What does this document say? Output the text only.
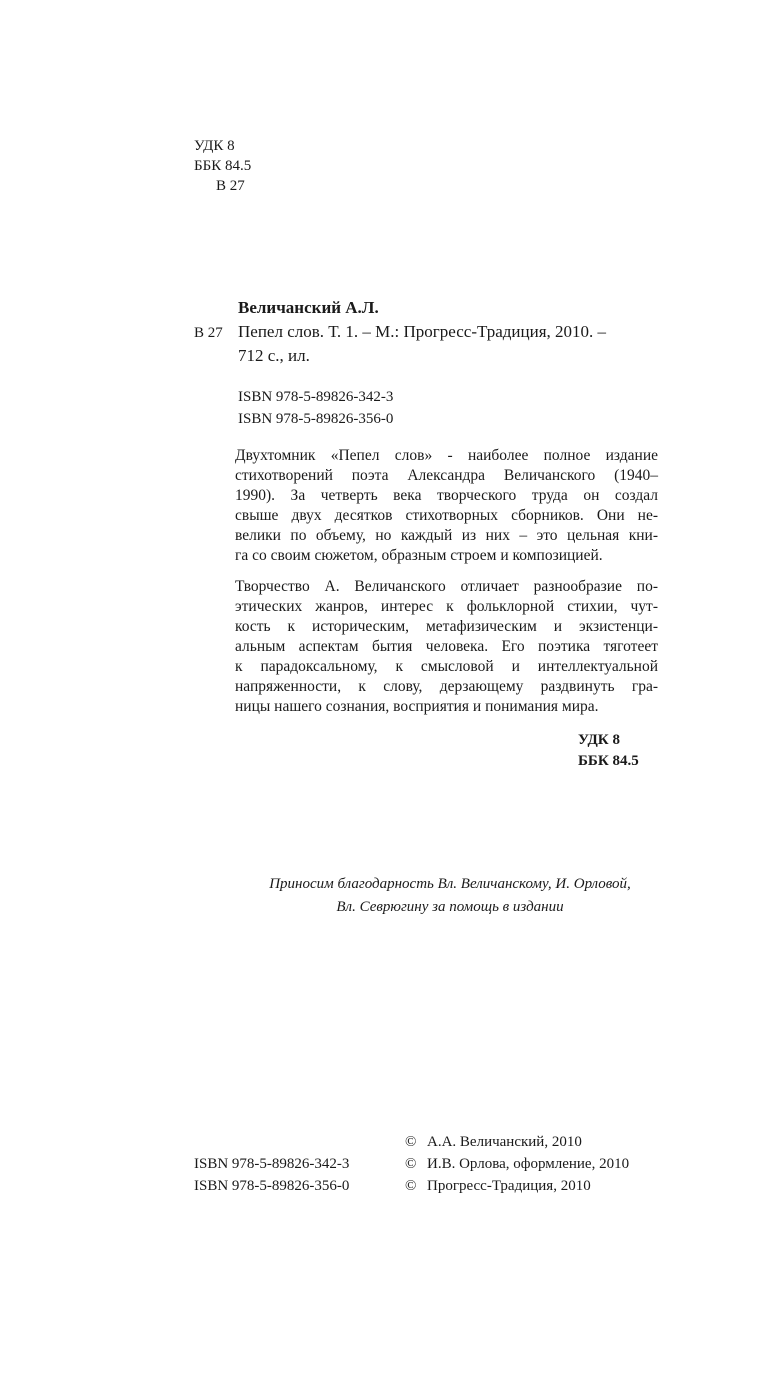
УДК 8
ББК 84.5
В 27
Величанский А.Л.
В 27 Пепел слов. Т. 1. – М.: Прогресс-Традиция, 2010. –
712 с., ил.
ISBN 978-5-89826-342-3
ISBN 978-5-89826-356-0
Двухтомник «Пепел слов» - наиболее полное издание
стихотворений поэта Александра Величанского (1940–
1990). За четверть века творческого труда он создал
свыше двух десятков стихотворных сборников. Они не-
велики по объему, но каждый из них – это цельная кни-
га со своим сюжетом, образным строем и композицией.
Творчество А. Величанского отличает разнообразие по-
этических жанров, интерес к фольклорной стихии, чут-
кость к историческим, метафизическим и экзистенци-
альным аспектам бытия человека. Его поэтика тяготеет
к парадоксальному, к смысловой и интеллектуальной
напряженности, к слову, дерзающему раздвинуть гра-
ницы нашего сознания, восприятия и понимания мира.
УДК 8
ББК 84.5
Приносим благодарность Вл. Величанскому, И. Орловой,
Вл. Севрюгину за помощь в издании
ISBN 978-5-89826-342-3
ISBN 978-5-89826-356-0
© А.А. Величанский, 2010
© И.В. Орлова, оформление, 2010
© Прогресс-Традиция, 2010
